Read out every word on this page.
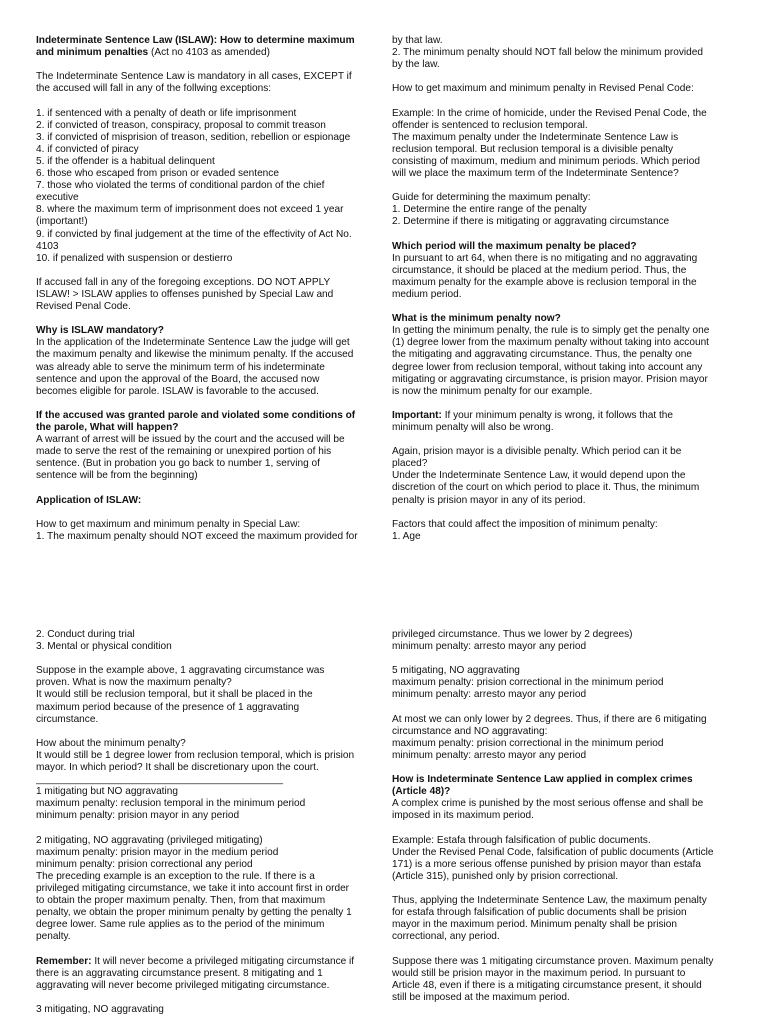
Indeterminate Sentence Law (ISLAW): How to determine maximum
and minimum penalties (Act no 4103 as amended)
The Indeterminate Sentence Law is mandatory in all cases, EXCEPT if
the accused will fall in any of the follwing exceptions:
1. if sentenced with a penalty of death or life imprisonment
2. if convicted of treason, conspiracy, proposal to commit treason
3. if convicted of misprision of treason, sedition, rebellion or espionage
4. if convicted of piracy
5. if the offender is a habitual delinquent
6. those who escaped from prison or evaded sentence
7. those who violated the terms of conditional pardon of the chief
executive
8. where the maximum term of imprisonment does not exceed 1 year
(important!)
9. if convicted by final judgement at the time of the effectivity of Act No.
4103
10. if penalized with suspension or destierro
If accused fall in any of the foregoing exceptions. DO NOT APPLY
ISLAW! > ISLAW applies to offenses punished by Special Law and
Revised Penal Code.
Why is ISLAW mandatory?
In the application of the Indeterminate Sentence Law the judge will get
the maximum penalty and likewise the minimum penalty. If the accused
was already able to serve the minimum term of his indeterminate
sentence and upon the approval of the Board, the accused now
becomes eligible for parole. ISLAW is favorable to the accused.
If the accused was granted parole and violated some conditions of
the parole, What will happen?
A warrant of arrest will be issued by the court and the accused will be
made to serve the rest of the remaining or unexpired portion of his
sentence. (But in probation you go back to number 1, serving of
sentence will be from the beginning)
Application of ISLAW:
How to get maximum and minimum penalty in Special Law:
1. The maximum penalty should NOT exceed the maximum provided for
by that law.
2. The minimum penalty should NOT fall below the minimum provided
by the law.
How to get maximum and minimum penalty in Revised Penal Code:
Example: In the crime of homicide, under the Revised Penal Code, the
offender is sentenced to reclusion temporal.
The maximum penalty under the Indeterminate Sentence Law is
reclusion temporal. But reclusion temporal is a divisible penalty
consisting of maximum, medium and minimum periods. Which period
will we place the maximum term of the Indeterminate Sentence?
Guide for determining the maximum penalty:
1. Determine the entire range of the penalty
2. Determine if there is mitigating or aggravating circumstance
Which period will the maximum penalty be placed?
In pursuant to art 64, when there is no mitigating and no aggravating
circumstance, it should be placed at the medium period. Thus, the
maximum penalty for the example above is reclusion temporal in the
medium period.
What is the minimum penalty now?
In getting the minimum penalty, the rule is to simply get the penalty one
(1) degree lower from the maximum penalty without taking into account
the mitigating and aggravating circumstance. Thus, the penalty one
degree lower from reclusion temporal, without taking into account any
mitigating or aggravating circumstance, is prision mayor. Prision mayor
is now the minimum penalty for our example.
Important: If your minimum penalty is wrong, it follows that the
minimum penalty will also be wrong.
Again, prision mayor is a divisible penalty. Which period can it be
placed?
Under the Indeterminate Sentence Law, it would depend upon the
discretion of the court on which period to place it. Thus, the minimum
penalty is prision mayor in any of its period.
Factors that could affect the imposition of minimum penalty:
1. Age
2. Conduct during trial
3. Mental or physical condition
Suppose in the example above, 1 aggravating circumstance was
proven. What is now the maximum penalty?
It would still be reclusion temporal, but it shall be placed in the
maximum period because of the presence of 1 aggravating
circumstance.
How about the minimum penalty?
It would still be 1 degree lower from reclusion temporal, which is prision
mayor. In which period? It shall be discretionary upon the court.
____________________________________________
1 mitigating but NO aggravating
maximum penalty: reclusion temporal in the minimum period
minimum penalty: prision mayor in any period
2 mitigating, NO aggravating (privileged mitigating)
maximum penalty: prision mayor in the medium period
minimum penalty: prision correctional any period
The preceding example is an exception to the rule. If there is a
privileged mitigating circumstance, we take it into account first in order
to obtain the proper maximum penalty. Then, from that maximum
penalty, we obtain the proper minimum penalty by getting the penalty 1
degree lower. Same rule applies as to the period of the minimum
penalty.
Remember: It will never become a privileged mitigating circumstance if
there is an aggravating circumstance present. 8 mitigating and 1
aggravating will never become privileged mitigating circumstance.
3 mitigating, NO aggravating
privileged circumstance. Thus we lower by 2 degrees)
minimum penalty: arresto mayor any period
5 mitigating, NO aggravating
maximum penalty: prision correctional in the minimum period
minimum penalty: arresto mayor any period
At most we can only lower by 2 degrees. Thus, if there are 6 mitigating
circumstance and NO aggravating:
maximum penalty: prision correctional in the minimum period
minimum penalty: arresto mayor any period
How is Indeterminate Sentence Law applied in complex crimes
(Article 48)?
A complex crime is punished by the most serious offense and shall be
imposed in its maximum period.
Example: Estafa through falsification of public documents.
Under the Revised Penal Code, falsification of public documents (Article
171) is a more serious offense punished by prision mayor than estafa
(Article 315), punished only by prision correctional.
Thus, applying the Indeterminate Sentence Law, the maximum penalty
for estafa through falsification of public documents shall be prision
mayor in the maximum period. Minimum penalty shall be prision
correctional, any period.
Suppose there was 1 mitigating circumstance proven. Maximum penalty
would still be prision mayor in the maximum period. In pursuant to
Article 48, even if there is a mitigating circumstance present, it should
still be imposed at the maximum period.
